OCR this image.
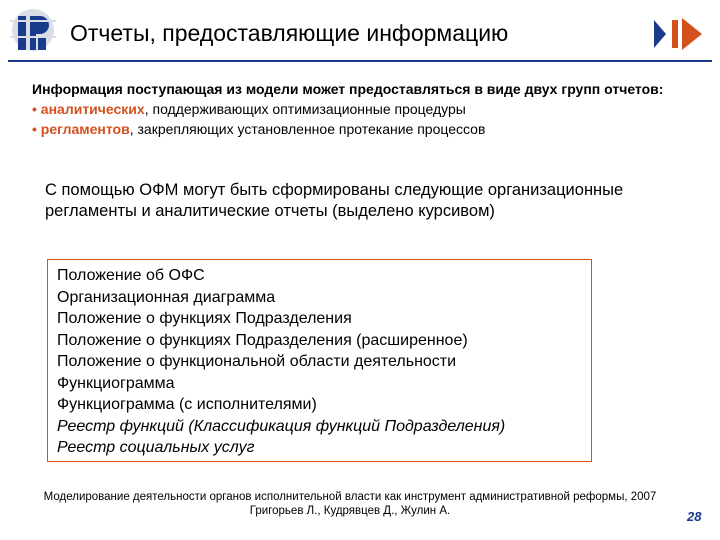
Отчеты, предоставляющие информацию
Информация поступающая из модели может предоставляться в виде двух групп отчетов:
• аналитических, поддерживающих оптимизационные процедуры
• регламентов, закрепляющих установленное протекание процессов
С помощью ОФМ могут быть сформированы следующие организационные регламенты и аналитические отчеты (выделено курсивом)
Положение об ОФС
Организационная диаграмма
Положение о функциях Подразделения
Положение о функциях Подразделения (расширенное)
Положение о функциональной области деятельности
Функциограмма
Функциограмма (с исполнителями)
Реестр функций (Классификация функций Подразделения)
Реестр социальных услуг
Моделирование деятельности органов исполнительной власти как инструмент административной реформы, 2007
Григорьев Л., Кудрявцев Д., Жулин А.	28
